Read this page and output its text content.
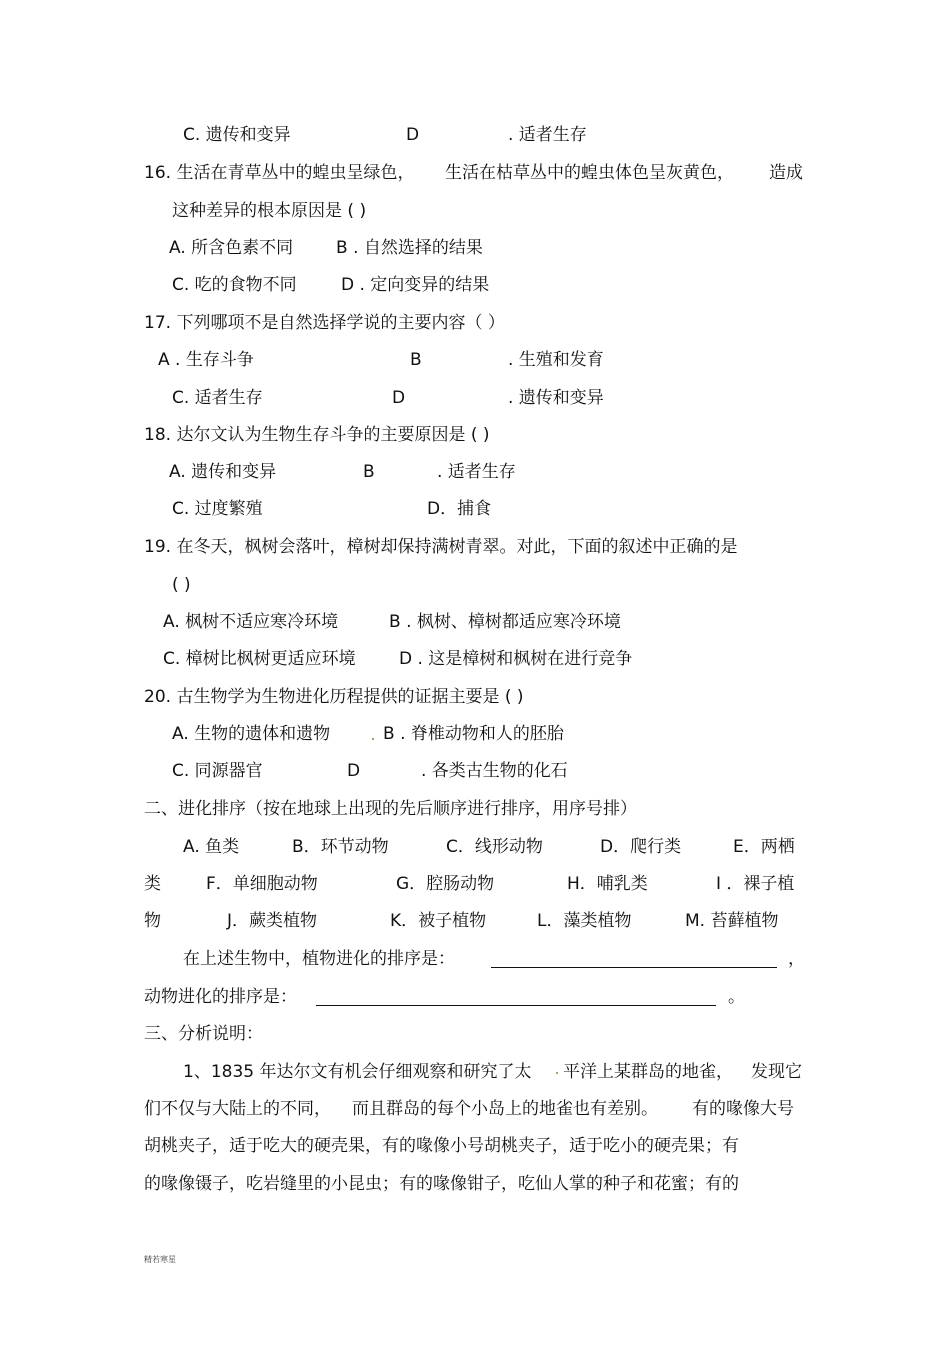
C. 遗传和变异	D	. 适者生存
16. 生活在青草丛中的蝗虫呈绿色， 生活在枯草丛中的蝗虫体色呈灰黄色， 造成
这种差异的根本原因是 ( )
A. 所含色素不同	B . 自然选择的结果
C. 吃的食物不同	D . 定向变异的结果
17. 下列哪项不是自然选择学说的主要内容（ ）
A . 生存斗争	B	. 生殖和发育
C. 适者生存	D	. 遗传和变异
18. 达尔文认为生物生存斗争的主要原因是 ( )
A. 遗传和变异	B	. 适者生存
C. 过度繁殖	D．捕食
19. 在冬天，枫树会落叶，樟树却保持满树青翠。对此，下面的叙述中正确的是
( )
A. 枫树不适应寒冷环境	B . 枫树、樟树都适应寒冷环境
C. 樟树比枫树更适应环境	D . 这是樟树和枫树在进行竞争
20. 古生物学为生物进化历程提供的证据主要是 ( )
A. 生物的遗体和遗物	B . 脊椎动物和人的胚胎
C. 同源器官	D	. 各类古生物的化石
二、进化排序（按在地球上出现的先后顺序进行排序，用序号排）
A. 鱼类	B．环节动物	C．线形动物	D．爬行类	E．两栖
类	F．单细胞动物	G．腔肠动物	H．哺乳类	I ．裸子植
物	J．蕨类植物	K．被子植物	L．藻类植物	M. 苔藓植物
在上述生物中，植物进化的排序是：	，
动物进化的排序是：	。
三、分析说明：
1、1835 年达尔文有机会仔细观察和研究了太 平洋上某群岛的地雀， 发现它
们不仅与大陆上的不同， 而且群岛的每个小岛上的地雀也有差别。 有的喙像大号
胡桃夹子，适于吃大的硬壳果，有的喙像小号胡桃夹子，适于吃小的硬壳果；有
的喙像镊子，吃岩缝里的小昆虫；有的喙像钳子，吃仙人掌的种子和花蜜；有的
精若寒星
